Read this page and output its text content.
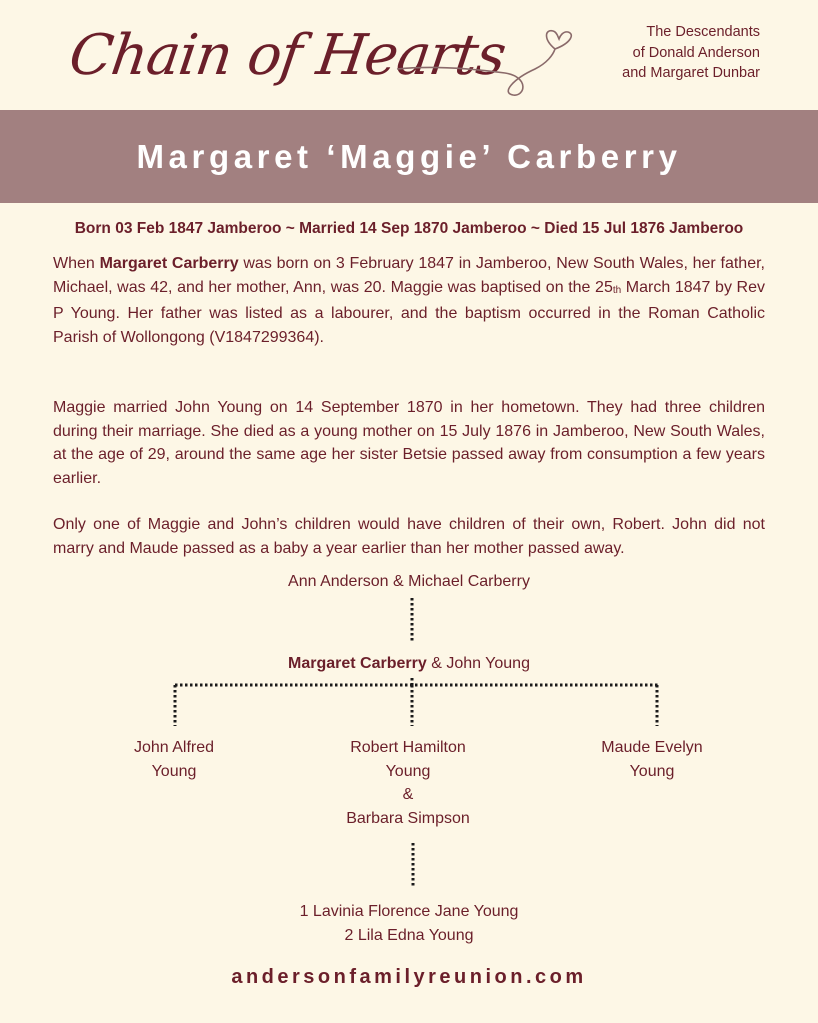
Chain of Hearts	The Descendants
of Donald Anderson
and Margaret Dunbar
Margaret ‘Maggie’ Carberry
Born 03 Feb 1847 Jamberoo ~ Married 14 Sep 1870 Jamberoo ~ Died 15 Jul 1876 Jamberoo

When Margaret Carberry was born on 3 February 1847 in Jamberoo, New South Wales, her father, Michael, was 42, and her mother, Ann, was 20. Maggie was baptised on the $25_{th}$ March 1847 by Rev P Young. Her father was listed as a labourer, and the baptism occurred in the Roman Catholic Parish of Wollongong (V1847299364).

Maggie married John Young on 14 September 1870 in her hometown. They had three children during their marriage. She died as a young mother on 15 July 1876 in Jamberoo, New South Wales, at the age of 29, around the same age her sister Betsie passed away from consumption a few years earlier.

Only one of Maggie and John’s children would have children of their own, Robert. John did not marry and Maude passed as a baby a year earlier than her mother passed away.

Ann Anderson & Michael Carberry
Margaret Carberry & John Young
John Alfred
Young
Robert Hamilton
Young
&
Barbara Simpson
Maude Evelyn
Young
1 Lavinia Florence Jane Young
2 Lila Edna Young
andersonfamilyreunion.com
